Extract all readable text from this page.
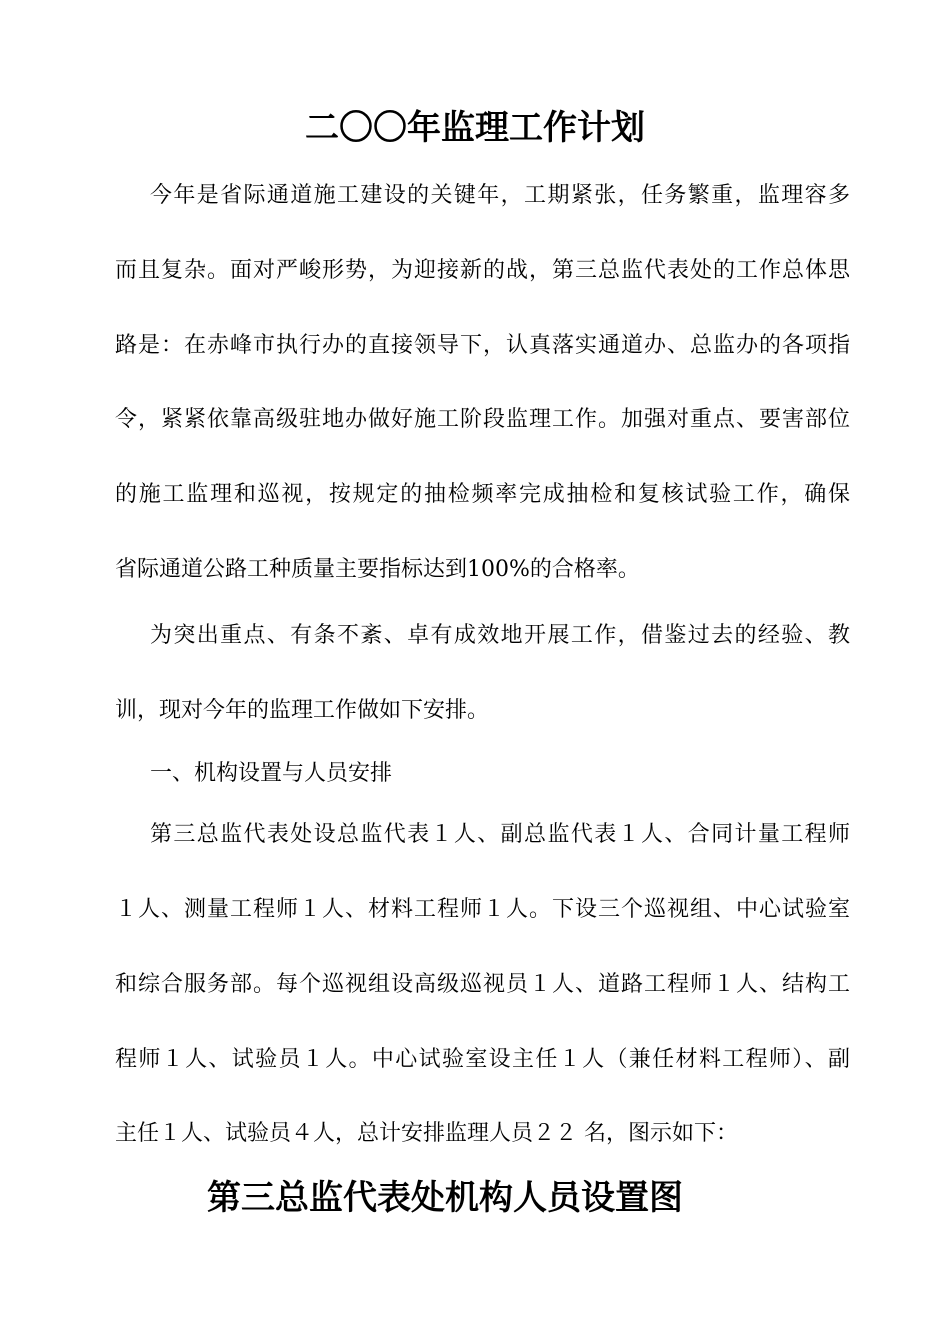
二〇〇年监理工作计划
今年是省际通道施工建设的关键年，工期紧张，任务繁重，监理容多
而且复杂。面对严峻形势，为迎接新的战，第三总监代表处的工作总体思
路是：在赤峰市执行办的直接领导下，认真落实通道办、总监办的各项指
令，紧紧依靠高级驻地办做好施工阶段监理工作。加强对重点、要害部位
的施工监理和巡视，按规定的抽检频率完成抽检和复核试验工作，确保
省际通道公路工种质量主要指标达到100%的合格率。
为突出重点、有条不紊、卓有成效地开展工作，借鉴过去的经验、教
训，现对今年的监理工作做如下安排。
一、机构设置与人员安排
第三总监代表处设总监代表１人、副总监代表１人、合同计量工程师
１人、测量工程师１人、材料工程师１人。下设三个巡视组、中心试验室
和综合服务部。每个巡视组设高级巡视员１人、道路工程师１人、结构工
程师１人、试验员１人。中心试验室设主任１人（兼任材料工程师）、副
主任１人、试验员４人，总计安排监理人员２２ 名，图示如下：
第三总监代表处机构人员设置图
